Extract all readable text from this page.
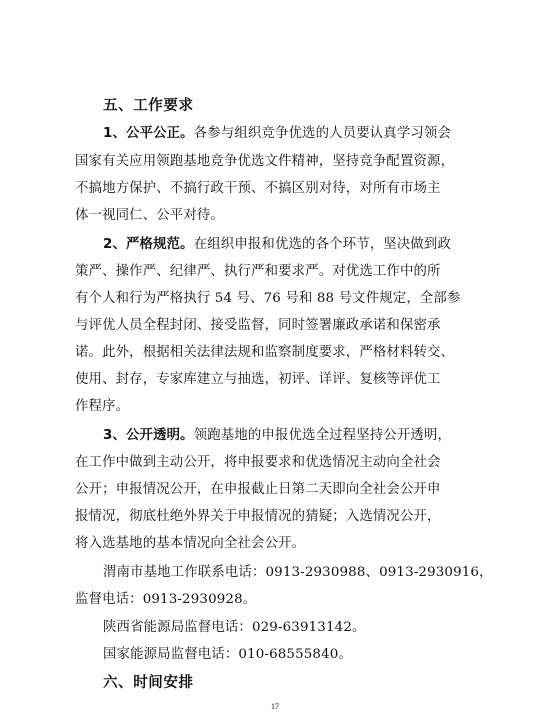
五、工作要求
1、公平公正。各参与组织竞争优选的人员要认真学习领会
国家有关应用领跑基地竞争优选文件精神，坚持竞争配置资源，
不搞地方保护、不搞行政干预、不搞区别对待，对所有市场主
体一视同仁、公平对待。
2、严格规范。在组织申报和优选的各个环节，坚决做到政
策严、操作严、纪律严、执行严和要求严。对优选工作中的所
有个人和行为严格执行 54 号、76 号和 88 号文件规定，全部参
与评优人员全程封闭、接受监督，同时签署廉政承诺和保密承
诺。此外，根据相关法律法规和监察制度要求，严格材料转交、
使用、封存，专家库建立与抽选，初评、详评、复核等评优工
作程序。
3、公开透明。领跑基地的申报优选全过程坚持公开透明，
在工作中做到主动公开，将申报要求和优选情况主动向全社会
公开；申报情况公开，在申报截止日第二天即向全社会公开申
报情况，彻底杜绝外界关于申报情况的猜疑；入选情况公开，
将入选基地的基本情况向全社会公开。
渭南市基地工作联系电话：0913-2930988、0913-2930916，
监督电话：0913-2930928。
陕西省能源局监督电话：029-63913142。
国家能源局监督电话：010-68555840。
六、时间安排
17
